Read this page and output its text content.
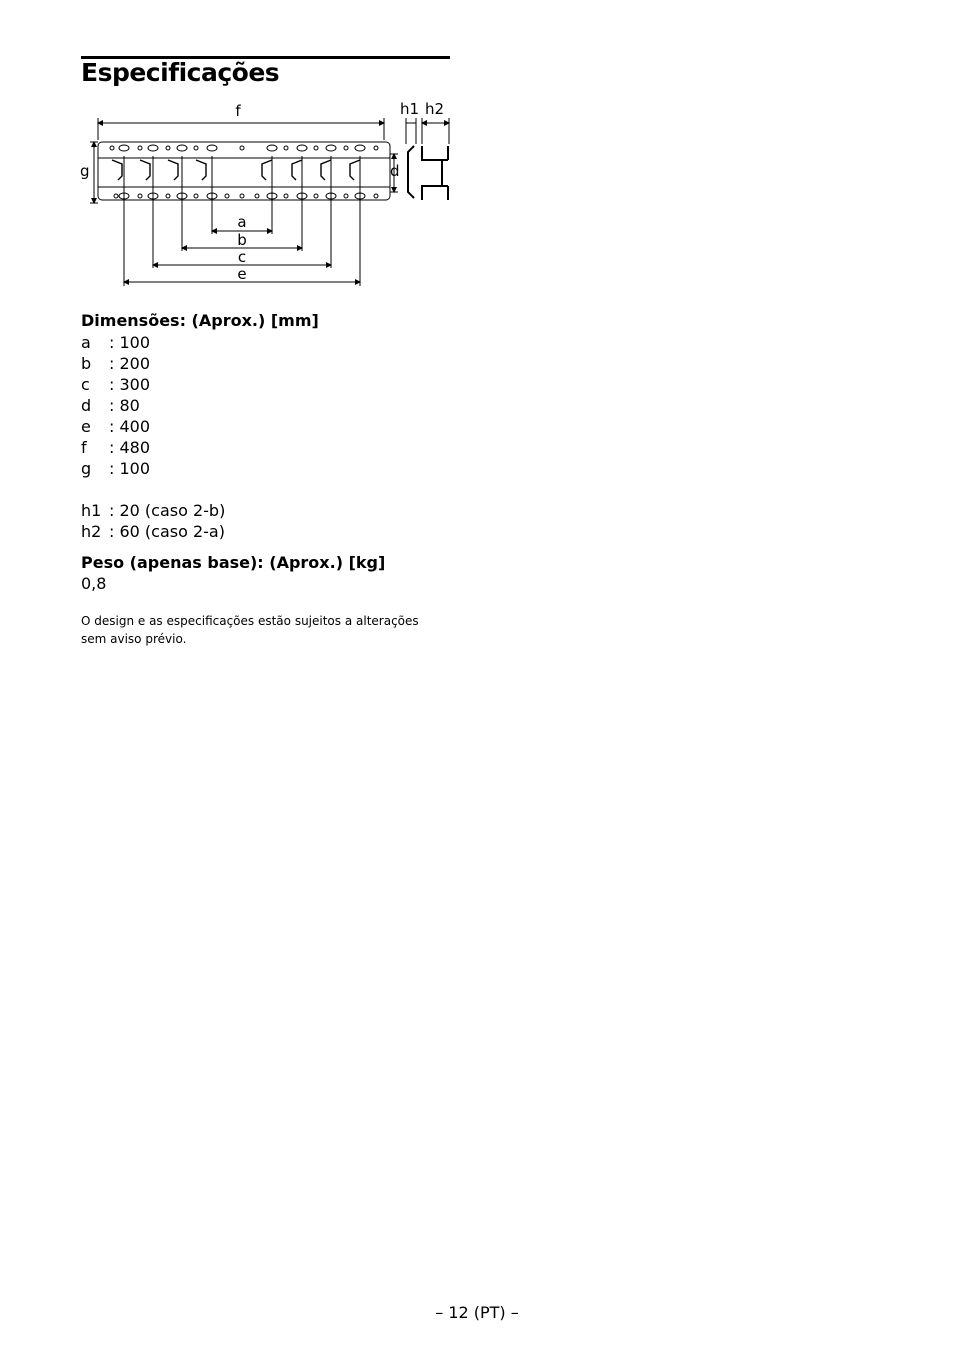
Especificações
f
g	d
h1 h2
a
b
c
e
Dimensões: (Aprox.) [mm]
a	: 100
b	: 200
c	: 300
d	: 80
e	: 400
f	: 480
g	: 100
h1 : 20 (caso 2-b)
h2 : 60 (caso 2-a)
Peso (apenas base): (Aprox.) [kg]
0,8
O design e as especificações estão sujeitos a alterações sem aviso prévio.
– 12 (PT) –
